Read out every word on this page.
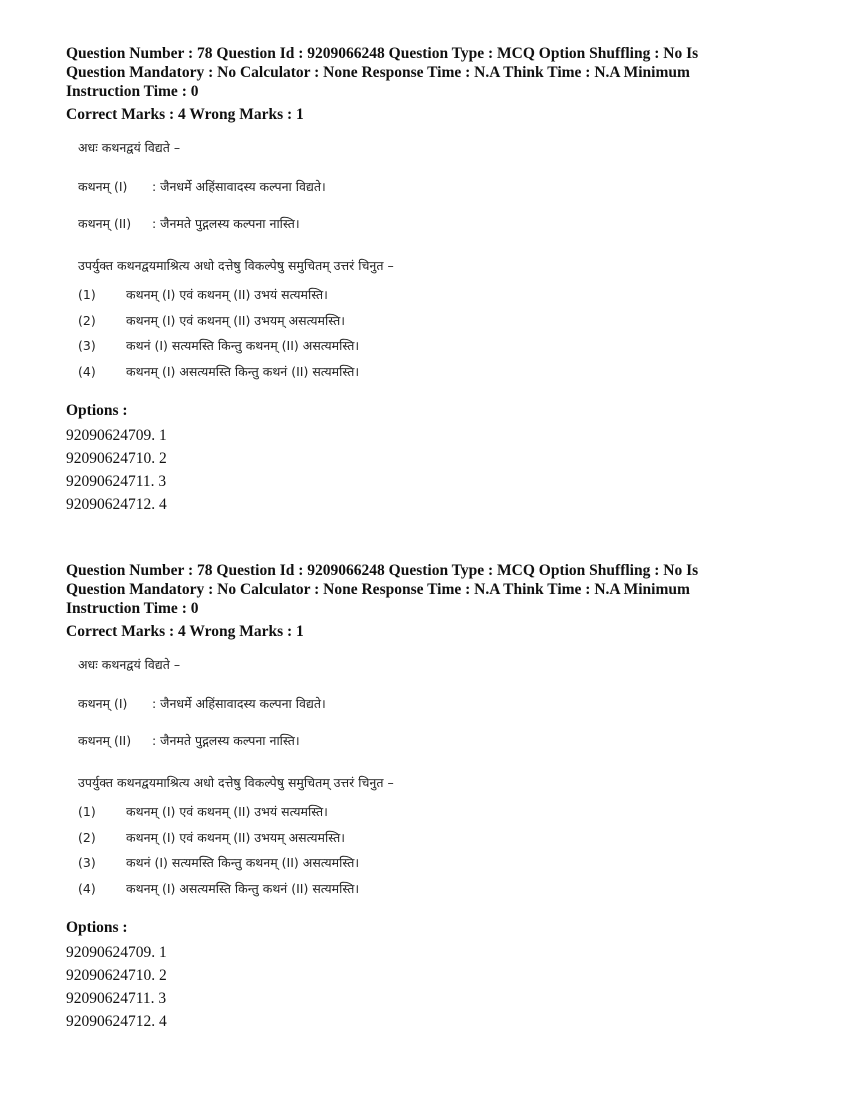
Question Number : 78 Question Id : 9209066248 Question Type : MCQ Option Shuffling : No Is
Question Mandatory : No Calculator : None Response Time : N.A Think Time : N.A Minimum
Instruction Time : 0
Correct Marks : 4 Wrong Marks : 1
अधः कथनद्वयं विद्यते –
कथनम् (I)	: जैनधर्मे अहिंसावादस्य कल्पना विद्यते।
कथनम् (II)	: जैनमते पुद्गलस्य कल्पना नास्ति।
उपर्युक्त कथनद्वयमाश्रित्य अधो दत्तेषु विकल्पेषु समुचितम् उत्तरं चिनुत –
(1)	कथनम् (I) एवं कथनम् (II) उभयं सत्यमस्ति।
(2)	कथनम् (I) एवं कथनम् (II) उभयम् असत्यमस्ति।
(3)	कथनं (I) सत्यमस्ति किन्तु कथनम् (II) असत्यमस्ति।
(4)	कथनम् (I) असत्यमस्ति किन्तु कथनं (II) सत्यमस्ति।
Options :
92090624709. 1
92090624710. 2
92090624711. 3
92090624712. 4
Question Number : 78 Question Id : 9209066248 Question Type : MCQ Option Shuffling : No Is
Question Mandatory : No Calculator : None Response Time : N.A Think Time : N.A Minimum
Instruction Time : 0
Correct Marks : 4 Wrong Marks : 1
अधः कथनद्वयं विद्यते –
कथनम् (I)	: जैनधर्मे अहिंसावादस्य कल्पना विद्यते।
कथनम् (II)	: जैनमते पुद्गलस्य कल्पना नास्ति।
उपर्युक्त कथनद्वयमाश्रित्य अधो दत्तेषु विकल्पेषु समुचितम् उत्तरं चिनुत –
(1)	कथनम् (I) एवं कथनम् (II) उभयं सत्यमस्ति।
(2)	कथनम् (I) एवं कथनम् (II) उभयम् असत्यमस्ति।
(3)	कथनं (I) सत्यमस्ति किन्तु कथनम् (II) असत्यमस्ति।
(4)	कथनम् (I) असत्यमस्ति किन्तु कथनं (II) सत्यमस्ति।
Options :
92090624709. 1
92090624710. 2
92090624711. 3
92090624712. 4
